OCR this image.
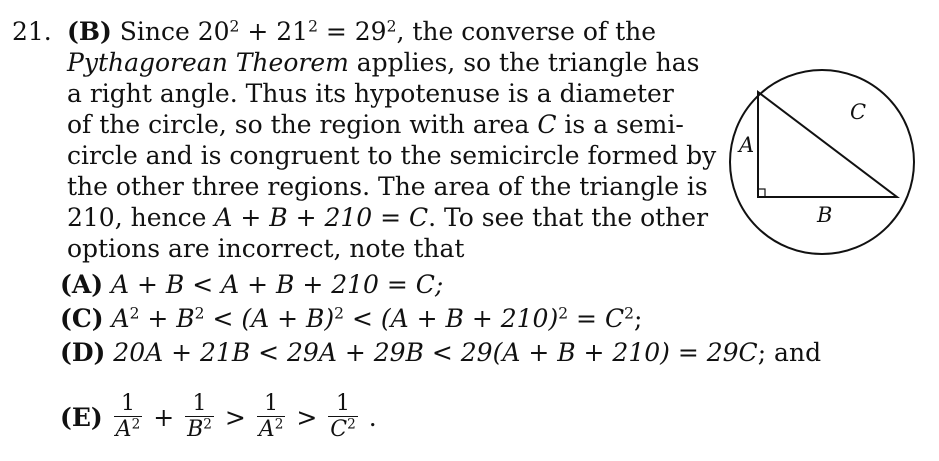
21. (B) Since $20^2 + 21^2 = 29^2$, the converse of the
Pythagorean Theorem applies, so the triangle has
a right angle. Thus its hypotenuse is a diameter
of the circle, so the region with area C is a semi-
circle and is congruent to the semicircle formed by
the other three regions. The area of the triangle is
210, hence A + B + 210 = C. To see that the other
options are incorrect, note that
(A) A + B < A + B + 210 = C;
(C) $A^2 + B^2 < (A + B)^2 < (A + B + 210)^2 = C^2$;
(D) 20A + 21B < 29A + 29B < 29(A + B + 210) = 29C; and
$(E) \frac{1}{A^2} + \frac{1}{B^2} > \frac{1}{A^2} > \frac{1}{C^2}$ .
A
B
C
